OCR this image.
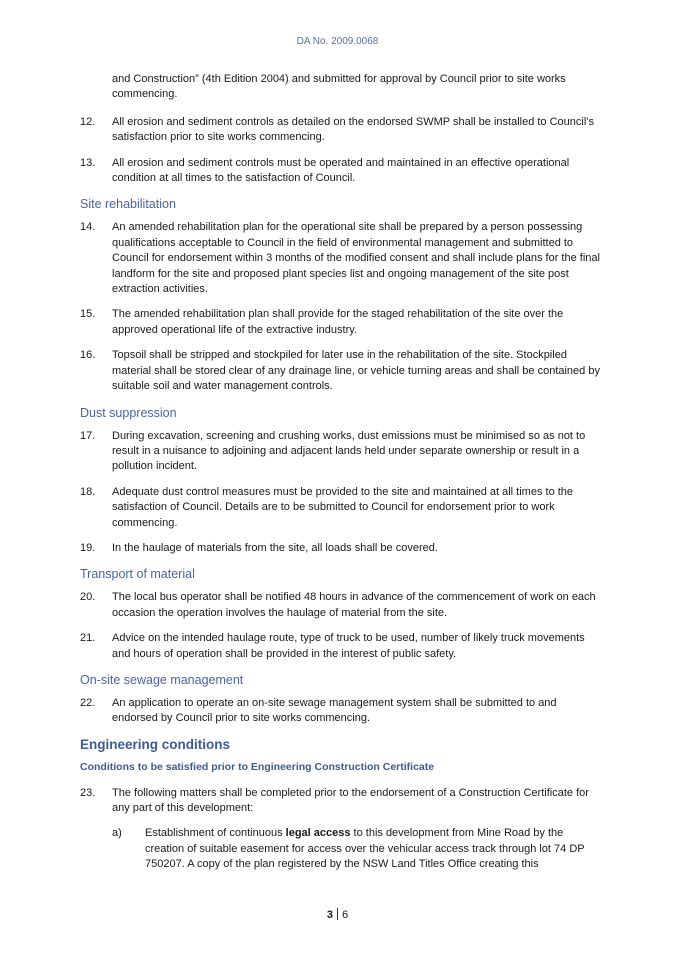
DA No. 2009.0068
and Construction” (4th Edition 2004) and submitted for approval by Council prior to site works commencing.
12.	All erosion and sediment controls as detailed on the endorsed SWMP shall be installed to Council’s satisfaction prior to site works commencing.
13.	All erosion and sediment controls must be operated and maintained in an effective operational condition at all times to the satisfaction of Council.
Site rehabilitation
14.	An amended rehabilitation plan for the operational site shall be prepared by a person possessing qualifications acceptable to Council in the field of environmental management and submitted to Council for endorsement within 3 months of the modified consent and shall include plans for the final landform for the site and proposed plant species list and ongoing management of the site post extraction activities.
15.	The amended rehabilitation plan shall provide for the staged rehabilitation of the site over the approved operational life of the extractive industry.
16.	Topsoil shall be stripped and stockpiled for later use in the rehabilitation of the site. Stockpiled material shall be stored clear of any drainage line, or vehicle turning areas and shall be contained by suitable soil and water management controls.
Dust suppression
17.	During excavation, screening and crushing works, dust emissions must be minimised so as not to result in a nuisance to adjoining and adjacent lands held under separate ownership or result in a pollution incident.
18.	Adequate dust control measures must be provided to the site and maintained at all times to the satisfaction of Council. Details are to be submitted to Council for endorsement prior to work commencing.
19.	In the haulage of materials from the site, all loads shall be covered.
Transport of material
20.	The local bus operator shall be notified 48 hours in advance of the commencement of work on each occasion the operation involves the haulage of material from the site.
21.	Advice on the intended haulage route, type of truck to be used, number of likely truck movements and hours of operation shall be provided in the interest of public safety.
On-site sewage management
22.	An application to operate an on-site sewage management system shall be submitted to and endorsed by Council prior to site works commencing.
Engineering conditions
Conditions to be satisfied prior to Engineering Construction Certificate
23.	The following matters shall be completed prior to the endorsement of a Construction Certificate for any part of this development:
a)	Establishment of continuous legal access to this development from Mine Road by the creation of suitable easement for access over the vehicular access track through lot 74 DP 750207. A copy of the plan registered by the NSW Land Titles Office creating this
3 6
